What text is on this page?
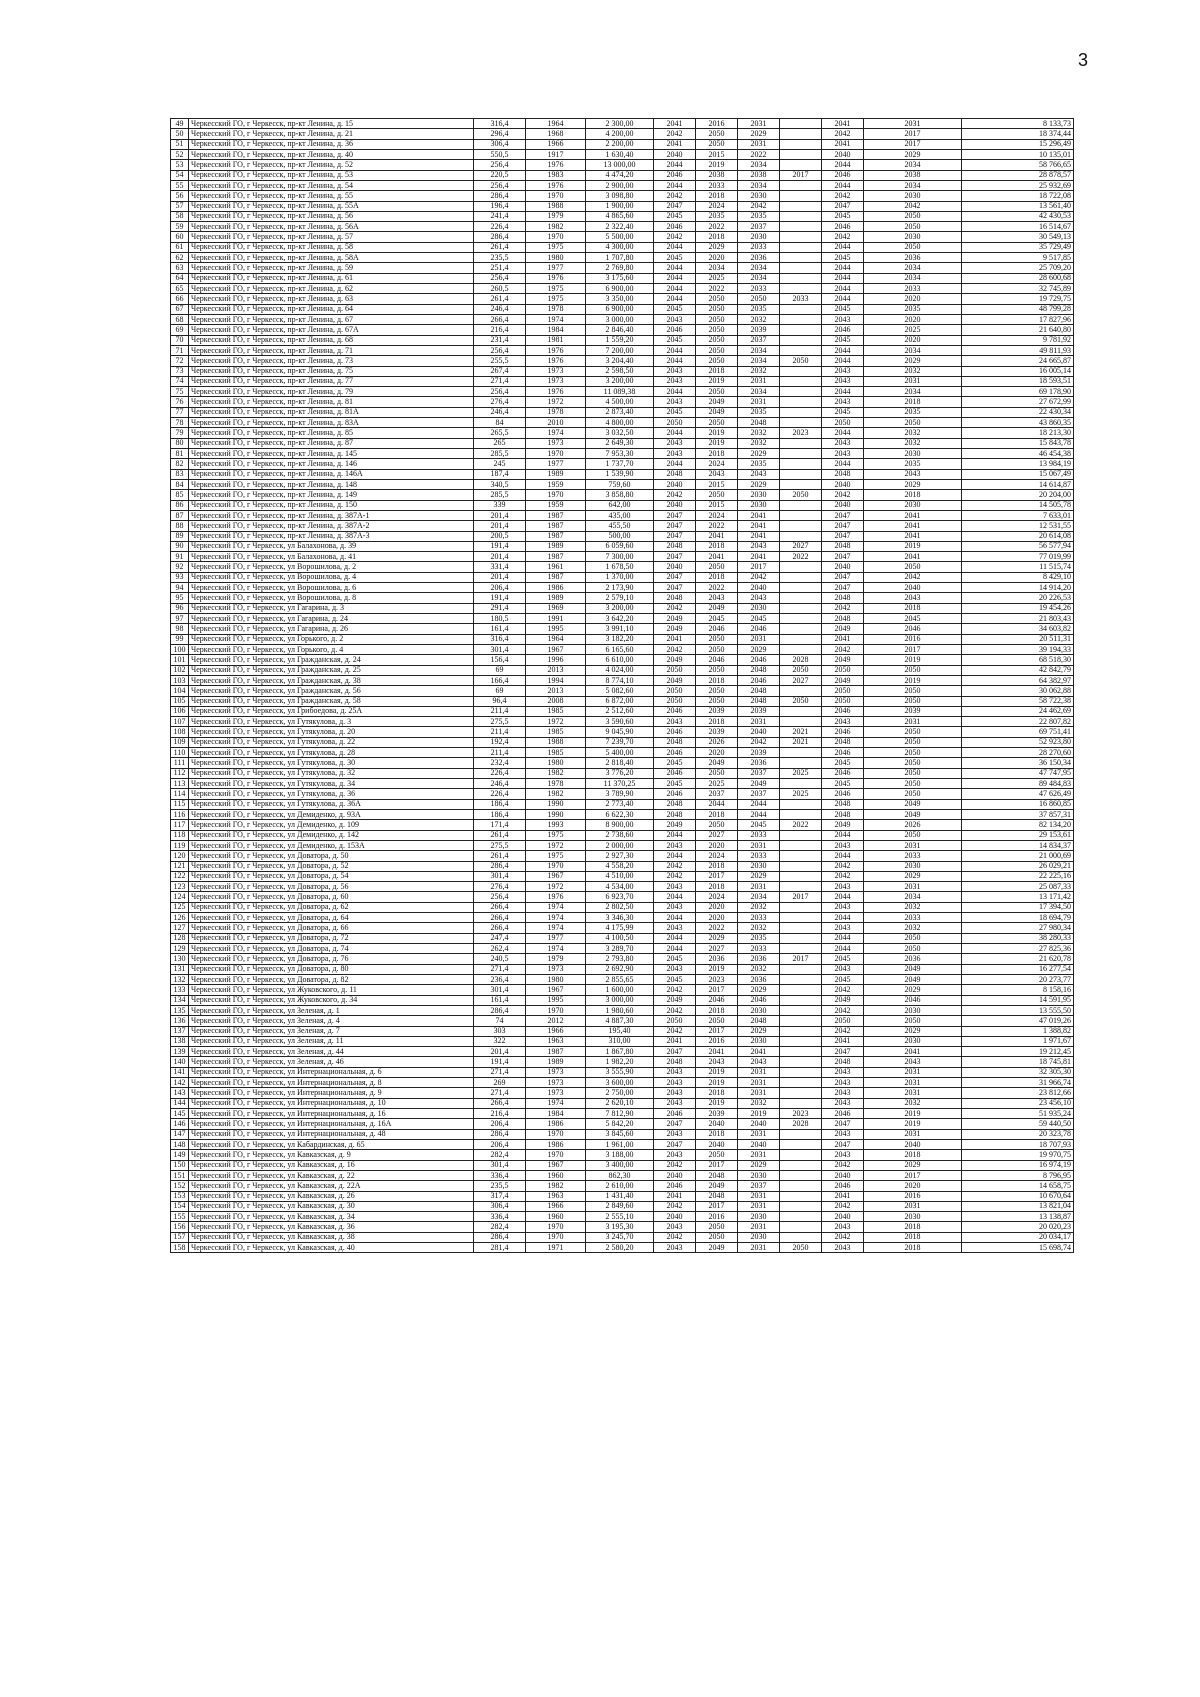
3
49	Черкесский ГО, г Черкесск, пр-кт Ленина, д. 15	316,4	1964	2 300,00	2041	2016	2031		2041	2031	8 133,73
50	Черкесский ГО, г Черкесск, пр-кт Ленина, д. 21	296,4	1968	4 200,00	2042	2050	2029		2042	2017	18 374,44
51	Черкесский ГО, г Черкесск, пр-кт Ленина, д. 36	306,4	1966	2 200,00	2041	2050	2031		2041	2017	15 296,49
52	Черкесский ГО, г Черкесск, пр-кт Ленина, д. 40	550,5	1917	1 630,40	2040	2015	2022		2040	2029	10 135,01
53	Черкесский ГО, г Черкесск, пр-кт Ленина, д. 52	256,4	1976	13 000,00	2044	2019	2034		2044	2034	58 766,65
54	Черкесский ГО, г Черкесск, пр-кт Ленина, д. 53	220,5	1983	4 474,20	2046	2038	2038	2017	2046	2038	28 878,57
55	Черкесский ГО, г Черкесск, пр-кт Ленина, д. 54	256,4	1976	2 900,00	2044	2033	2034		2044	2034	25 932,69
56	Черкесский ГО, г Черкесск, пр-кт Ленина, д. 55	286,4	1970	3 098,80	2042	2018	2030		2042	2030	18 722,08
57	Черкесский ГО, г Черкесск, пр-кт Ленина, д. 55А	196,4	1988	1 900,00	2047	2024	2042		2047	2042	13 561,40
58	Черкесский ГО, г Черкесск, пр-кт Ленина, д. 56	241,4	1979	4 865,60	2045	2035	2035		2045	2050	42 430,53
59	Черкесский ГО, г Черкесск, пр-кт Ленина, д. 56А	226,4	1982	2 322,40	2046	2022	2037		2046	2050	16 514,67
60	Черкесский ГО, г Черкесск, пр-кт Ленина, д. 57	286,4	1970	5 500,00	2042	2018	2030		2042	2030	30 549,13
61	Черкесский ГО, г Черкесск, пр-кт Ленина, д. 58	261,4	1975	4 300,00	2044	2029	2033		2044	2050	35 729,49
62	Черкесский ГО, г Черкесск, пр-кт Ленина, д. 58А	235,5	1980	1 707,80	2045	2020	2036		2045	2036	9 517,85
63	Черкесский ГО, г Черкесск, пр-кт Ленина, д. 59	251,4	1977	2 769,80	2044	2034	2034		2044	2034	25 709,20
64	Черкесский ГО, г Черкесск, пр-кт Ленина, д. 61	256,4	1976	3 175,60	2044	2025	2034		2044	2034	28 600,68
65	Черкесский ГО, г Черкесск, пр-кт Ленина, д. 62	260,5	1975	6 900,00	2044	2022	2033		2044	2033	32 745,89
66	Черкесский ГО, г Черкесск, пр-кт Ленина, д. 63	261,4	1975	3 350,00	2044	2050	2050	2033	2044	2020	19 729,75
67	Черкесский ГО, г Черкесск, пр-кт Ленина, д. 64	246,4	1978	6 900,00	2045	2050	2035		2045	2035	48 799,28
68	Черкесский ГО, г Черкесск, пр-кт Ленина, д. 67	266,4	1974	3 000,00	2043	2050	2032		2043	2020	17 827,96
69	Черкесский ГО, г Черкесск, пр-кт Ленина, д. 67А	216,4	1984	2 846,40	2046	2050	2039		2046	2025	21 640,80
70	Черкесский ГО, г Черкесск, пр-кт Ленина, д. 68	231,4	1981	1 559,20	2045	2050	2037		2045	2020	9 781,92
71	Черкесский ГО, г Черкесск, пр-кт Ленина, д. 71	256,4	1976	7 200,00	2044	2050	2034		2044	2034	49 811,93
72	Черкесский ГО, г Черкесск, пр-кт Ленина, д. 73	255,5	1976	3 204,40	2044	2050	2034	2050	2044	2029	24 665,87
73	Черкесский ГО, г Черкесск, пр-кт Ленина, д. 75	267,4	1973	2 598,50	2043	2018	2032		2043	2032	16 005,14
74	Черкесский ГО, г Черкесск, пр-кт Ленина, д. 77	271,4	1973	3 200,00	2043	2019	2031		2043	2031	18 593,51
75	Черкесский ГО, г Черкесск, пр-кт Ленина, д. 79	256,4	1976	11 089,38	2044	2050	2034		2044	2034	69 178,90
76	Черкесский ГО, г Черкесск, пр-кт Ленина, д. 81	276,4	1972	4 500,00	2043	2049	2031		2043	2018	27 672,99
77	Черкесский ГО, г Черкесск, пр-кт Ленина, д. 81А	246,4	1978	2 873,40	2045	2049	2035		2045	2035	22 430,34
78	Черкесский ГО, г Черкесск, пр-кт Ленина, д. 83А	84	2010	4 800,00	2050	2050	2048		2050	2050	43 860,35
79	Черкесский ГО, г Черкесск, пр-кт Ленина, д. 85	265,5	1974	3 032,50	2044	2019	2032	2023	2044	2032	18 213,30
80	Черкесский ГО, г Черкесск, пр-кт Ленина, д. 87	265	1973	2 649,30	2043	2019	2032		2043	2032	15 843,78
81	Черкесский ГО, г Черкесск, пр-кт Ленина, д. 145	285,5	1970	7 953,30	2043	2018	2029		2043	2030	46 454,38
82	Черкесский ГО, г Черкесск, пр-кт Ленина, д. 146	245	1977	1 737,70	2044	2024	2035		2044	2035	13 984,19
83	Черкесский ГО, г Черкесск, пр-кт Ленина, д. 146А	187,4	1989	1 539,90	2048	2043	2043		2048	2043	15 067,49
84	Черкесский ГО, г Черкесск, пр-кт Ленина, д. 148	340,5	1959	759,60	2040	2015	2029		2040	2029	14 614,87
85	Черкесский ГО, г Черкесск, пр-кт Ленина, д. 149	285,5	1970	3 858,80	2042	2050	2030	2050	2042	2018	20 204,00
86	Черкесский ГО, г Черкесск, пр-кт Ленина, д. 150	339	1959	642,00	2040	2015	2030		2040	2030	14 505,78
87	Черкесский ГО, г Черкесск, пр-кт Ленина, д. 387А-1	201,4	1987	435,00	2047	2024	2041		2047	2041	7 633,01
88	Черкесский ГО, г Черкесск, пр-кт Ленина, д. 387А-2	201,4	1987	455,50	2047	2022	2041		2047	2041	12 531,55
89	Черкесский ГО, г Черкесск, пр-кт Ленина, д. 387А-3	200,5	1987	500,00	2047	2041	2041		2047	2041	20 614,08
90	Черкесский ГО, г Черкесск, ул Балахонова, д. 39	191,4	1989	6 059,60	2048	2018	2043	2027	2048	2019	56 577,94
91	Черкесский ГО, г Черкесск, ул Балахонова, д. 41	201,4	1987	7 300,00	2047	2041	2041	2022	2047	2041	77 019,99
92	Черкесский ГО, г Черкесск, ул Ворошилова, д. 2	331,4	1961	1 678,50	2040	2050	2017		2040	2050	11 515,74
93	Черкесский ГО, г Черкесск, ул Ворошилова, д. 4	201,4	1987	1 370,00	2047	2018	2042		2047	2042	8 429,10
94	Черкесский ГО, г Черкесск, ул Ворошилова, д. 6	206,4	1986	2 173,90	2047	2022	2040		2047	2040	14 914,20
95	Черкесский ГО, г Черкесск, ул Ворошилова, д. 8	191,4	1989	2 579,10	2048	2043	2043		2048	2043	20 226,53
96	Черкесский ГО, г Черкесск, ул Гагарина, д. 3	291,4	1969	3 200,00	2042	2049	2030		2042	2018	19 454,26
97	Черкесский ГО, г Черкесск, ул Гагарина, д. 24	180,5	1991	3 642,20	2049	2045	2045		2048	2045	21 803,43
98	Черкесский ГО, г Черкесск, ул Гагарина, д. 26	161,4	1995	3 991,10	2049	2046	2046		2049	2046	34 603,82
99	Черкесский ГО, г Черкесск, ул Горького, д. 2	316,4	1964	3 182,20	2041	2050	2031		2041	2016	20 511,31
100	Черкесский ГО, г Черкесск, ул Горького, д. 4	301,4	1967	6 165,60	2042	2050	2029		2042	2017	39 194,33
101	Черкесский ГО, г Черкесск, ул Гражданская, д. 24	156,4	1996	6 610,00	2049	2046	2046	2028	2049	2019	68 518,30
102	Черкесский ГО, г Черкесск, ул Гражданская, д. 25	69	2013	4 024,00	2050	2050	2048	2050	2050	2050	42 842,79
103	Черкесский ГО, г Черкесск, ул Гражданская, д. 38	166,4	1994	8 774,10	2049	2018	2046	2027	2049	2019	64 382,97
104	Черкесский ГО, г Черкесск, ул Гражданская, д. 56	69	2013	5 082,60	2050	2050	2048		2050	2050	30 062,88
105	Черкесский ГО, г Черкесск, ул Гражданская, д. 58	96,4	2008	6 872,00	2050	2050	2048	2050	2050	2050	58 722,38
106	Черкесский ГО, г Черкесск, ул Грибоедова, д. 25А	211,4	1985	2 512,60	2046	2039	2039		2046	2039	24 462,69
107	Черкесский ГО, г Черкесск, ул Гутякулова, д. 3	275,5	1972	3 590,60	2043	2018	2031		2043	2031	22 807,82
108	Черкесский ГО, г Черкесск, ул Гутякулова, д. 20	211,4	1985	9 045,90	2046	2039	2040	2021	2046	2050	69 751,41
109	Черкесский ГО, г Черкесск, ул Гутякулова, д. 22	192,4	1988	7 239,70	2048	2026	2042	2021	2048	2050	52 923,80
110	Черкесский ГО, г Черкесск, ул Гутякулова, д. 28	211,4	1985	5 400,00	2046	2020	2039		2046	2050	28 270,60
111	Черкесский ГО, г Черкесск, ул Гутякулова, д. 30	232,4	1980	2 818,40	2045	2049	2036		2045	2050	36 150,34
112	Черкесский ГО, г Черкесск, ул Гутякулова, д. 32	226,4	1982	3 776,20	2046	2050	2037	2025	2046	2050	47 747,95
113	Черкесский ГО, г Черкесск, ул Гутякулова, д. 34	246,4	1978	11 370,25	2045	2025	2049		2045	2050	89 484,83
114	Черкесский ГО, г Черкесск, ул Гутякулова, д. 36	226,4	1982	3 789,90	2046	2037	2037	2025	2046	2050	47 626,49
115	Черкесский ГО, г Черкесск, ул Гутякулова, д. 36А	186,4	1990	2 773,40	2048	2044	2044		2048	2049	16 860,85
116	Черкесский ГО, г Черкесск, ул Демиденко, д. 93А	186,4	1990	6 622,30	2048	2018	2044		2048	2049	37 857,31
117	Черкесский ГО, г Черкесск, ул Демиденко, д. 109	171,4	1993	8 900,00	2049	2050	2045	2022	2049	2026	82 134,20
118	Черкесский ГО, г Черкесск, ул Демиденко, д. 142	261,4	1975	2 738,60	2044	2027	2033		2044	2050	29 153,61
119	Черкесский ГО, г Черкесск, ул Демиденко, д. 153А	275,5	1972	2 000,00	2043	2020	2031		2043	2031	14 834,37
120	Черкесский ГО, г Черкесск, ул Доватора, д. 50	261,4	1975	2 927,30	2044	2024	2033		2044	2033	21 000,69
121	Черкесский ГО, г Черкесск, ул Доватора, д. 52	286,4	1970	4 558,20	2042	2018	2030		2042	2030	26 029,21
122	Черкесский ГО, г Черкесск, ул Доватора, д. 54	301,4	1967	4 510,00	2042	2017	2029		2042	2029	22 225,16
123	Черкесский ГО, г Черкесск, ул Доватора, д. 56	276,4	1972	4 534,00	2043	2018	2031		2043	2031	25 087,33
124	Черкесский ГО, г Черкесск, ул Доватора, д. 60	256,4	1976	6 923,70	2044	2024	2034	2017	2044	2034	13 171,42
125	Черкесский ГО, г Черкесск, ул Доватора, д. 62	266,4	1974	2 802,50	2043	2020	2032		2043	2032	17 394,50
126	Черкесский ГО, г Черкесск, ул Доватора, д. 64	266,4	1974	3 346,30	2044	2020	2033		2044	2033	18 694,79
127	Черкесский ГО, г Черкесск, ул Доватора, д. 66	266,4	1974	4 175,99	2043	2022	2032		2043	2032	27 980,34
128	Черкесский ГО, г Черкесск, ул Доватора, д. 72	247,4	1977	4 100,50	2044	2029	2035		2044	2050	38 280,33
129	Черкесский ГО, г Черкесск, ул Доватора, д. 74	262,4	1974	3 289,70	2044	2027	2033		2044	2050	27 825,36
130	Черкесский ГО, г Черкесск, ул Доватора, д. 76	240,5	1979	2 793,80	2045	2036	2036	2017	2045	2036	21 620,78
131	Черкесский ГО, г Черкесск, ул Доватора, д. 80	271,4	1973	2 692,90	2043	2019	2032		2043	2049	16 277,54
132	Черкесский ГО, г Черкесск, ул Доватора, д. 82	236,4	1980	2 855,65	2045	2023	2036		2045	2049	20 273,77
133	Черкесский ГО, г Черкесск, ул Жуковского, д. 11	301,4	1967	1 600,00	2042	2017	2029		2042	2029	8 158,16
134	Черкесский ГО, г Черкесск, ул Жуковского, д. 34	161,4	1995	3 000,00	2049	2046	2046		2049	2046	14 591,95
135	Черкесский ГО, г Черкесск, ул Зеленая, д. 1	286,4	1970	1 980,60	2042	2018	2030		2042	2030	13 555,50
136	Черкесский ГО, г Черкесск, ул Зеленая, д. 4	74	2012	4 887,30	2050	2050	2048		2050	2050	47 019,26
137	Черкесский ГО, г Черкесск, ул Зеленая, д. 7	303	1966	195,40	2042	2017	2029		2042	2029	1 388,82
138	Черкесский ГО, г Черкесск, ул Зеленая, д. 11	322	1963	310,00	2041	2016	2030		2041	2030	1 971,67
139	Черкесский ГО, г Черкесск, ул Зеленая, д. 44	201,4	1987	1 867,80	2047	2041	2041		2047	2041	19 212,45
140	Черкесский ГО, г Черкесск, ул Зеленая, д. 46	191,4	1989	1 982,20	2048	2043	2043		2048	2043	18 745,81
141	Черкесский ГО, г Черкесск, ул Интернациональная, д. 6	271,4	1973	3 555,90	2043	2019	2031		2043	2031	32 305,30
142	Черкесский ГО, г Черкесск, ул Интернациональная, д. 8	269	1973	3 600,00	2043	2019	2031		2043	2031	31 966,74
143	Черкесский ГО, г Черкесск, ул Интернациональная, д. 9	271,4	1973	2 750,00	2043	2018	2031		2043	2031	23 812,66
144	Черкесский ГО, г Черкесск, ул Интернациональная, д. 10	266,4	1974	2 620,10	2043	2019	2032		2043	2032	23 456,10
145	Черкесский ГО, г Черкесск, ул Интернациональная, д. 16	216,4	1984	7 812,90	2046	2039	2019	2023	2046	2019	51 935,24
146	Черкесский ГО, г Черкесск, ул Интернациональная, д. 16А	206,4	1986	5 842,20	2047	2040	2040	2028	2047	2019	59 440,50
147	Черкесский ГО, г Черкесск, ул Интернациональная, д. 48	286,4	1970	3 845,60	2043	2018	2031		2043	2031	20 323,78
148	Черкесский ГО, г Черкесск, ул Кабардинская, д. 65	206,4	1986	1 961,00	2047	2040	2040		2047	2040	18 707,93
149	Черкесский ГО, г Черкесск, ул Кавказская, д. 9	282,4	1970	3 188,00	2043	2050	2031		2043	2018	19 970,75
150	Черкесский ГО, г Черкесск, ул Кавказская, д. 16	301,4	1967	3 400,00	2042	2017	2029		2042	2029	16 974,19
151	Черкесский ГО, г Черкесск, ул Кавказская, д. 22	336,4	1960	862,30	2040	2048	2030		2040	2017	8 796,95
152	Черкесский ГО, г Черкесск, ул Кавказская, д. 22А	235,5	1982	2 610,00	2046	2049	2037		2046	2020	14 658,75
153	Черкесский ГО, г Черкесск, ул Кавказская, д. 26	317,4	1963	1 431,40	2041	2048	2031		2041	2016	10 670,64
154	Черкесский ГО, г Черкесск, ул Кавказская, д. 30	306,4	1966	2 849,60	2042	2017	2031		2042	2031	13 821,04
155	Черкесский ГО, г Черкесск, ул Кавказская, д. 34	336,4	1960	2 555,10	2040	2016	2030		2040	2030	13 138,87
156	Черкесский ГО, г Черкесск, ул Кавказская, д. 36	282,4	1970	3 195,30	2043	2050	2031		2043	2018	20 020,23
157	Черкесский ГО, г Черкесск, ул Кавказская, д. 38	286,4	1970	3 245,70	2042	2050	2030		2042	2018	20 034,17
158	Черкесский ГО, г Черкесск, ул Кавказская, д. 40	281,4	1971	2 580,20	2043	2049	2031	2050	2043	2018	15 698,74
